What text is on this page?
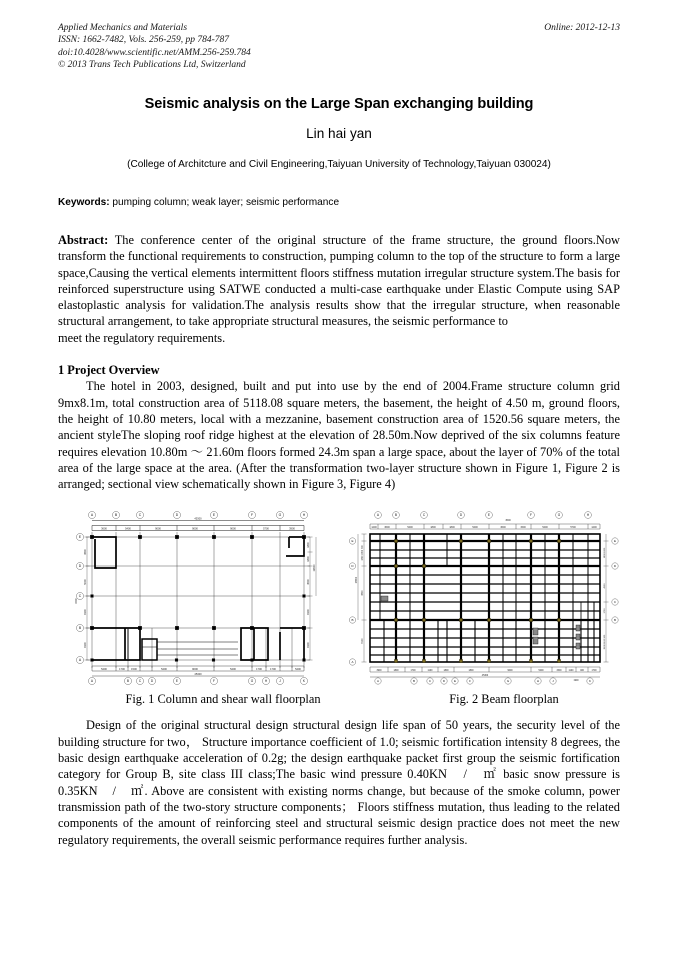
Applied Mechanics and Materials
ISSN: 1662-7482, Vols. 256-259, pp 784-787
doi:10.4028/www.scientific.net/AMM.256-259.784
© 2013 Trans Tech Publications Ltd, Switzerland
Online: 2012-12-13
Seismic analysis on the Large Span exchanging building
Lin hai yan
(College of Architcture and Civil Engineering,Taiyuan University of Technology,Taiyuan 030024)
Keywords: pumping column; weak layer; seismic performance
Abstract: The conference center of the original structure of the frame structure, the ground floors.Now transform the functional requirements to construction, pumping column to the top of the structure to form a large space,Causing the vertical elements intermittent floors stiffness mutation irregular structure system.The basis for reinforced superstructure using SATWE conducted a multi-case earthquake under Elastic Compute using SAP elastoplastic analysis for validation.The analysis results show that the irregular structure, when reasonable structural arrangement, to take appropriate structural measures, the seismic performance to
meet the regulatory requirements.
1 Project Overview
The hotel in 2003, designed, built and put into use by the end of 2004.Frame structure column grid 9mx8.1m, total construction area of 5118.08 square meters, the basement, the height of 4.50 m, ground floors, the height of 10.80 meters, local with a mezzanine, basement construction area of 1520.56 square meters, the ancient styleThe sloping roof ridge highest at the elevation of 28.50m.Now deprived of the six columns feature requires elevation 10.80m ～ 21.60m floors formed 24.3m span a large space, about the layer of 70% of the total area of the large space at the area. (After the transformation two-layer structure shown in Figure 1, Figure 2 is arranged; sectional view schematically shown in Figure 3, Figure 4)
3600	5400	9000	9000	9000	5700	3900
45300
E
D
C
B
A
3600
5000
8100
8100
1500
1800
1800
4500
8100
8100
12600
A	B	C	D	E	F	G	H
5400	1700 1500	5400	9000	5400	1700	1700	5400
45300
A	B	C	D	E	F	G	H	J	K
1200	3600	5400	1800	1800	5400	3600	1500	5400	5700	1200
4500
A	B	C	D	E	F	G	H
1800 1800 700
4500
8100
28800
E
D
B
A
1800 1800
4500
1700
8100 1100 900
E
D
C
B
3900	1800	1700	1100	1800	1800	9000	5400	3300	1100	400	1700
45300
1900
A	B	C	D	E	F	G	H	J	K
Fig. 1 Column and shear wall floorplan	Fig. 2 Beam floorplan
Design of the original structural design structural design life span of 50 years, the security level of the building structure for two， Structure importance coefficient of 1.0; seismic fortification intensity 8 degrees, the basic design earthquake acceleration of 0.2g; the design earthquake packet first group the seismic fortification category for Group B, site class III class;The basic wind pressure 0.40KN　/　㎡ basic snow pressure is 0.35KN　/　㎡. Above are consistent with existing norms change, but because of the smoke column, power transmission path of the two-story structure components； Floors stiffness mutation, thus leading to the related components of the amount of reinforcing steel and structural seismic design practice does not meet the new regulatory requirements, the overall seismic performance requires further analysis.
